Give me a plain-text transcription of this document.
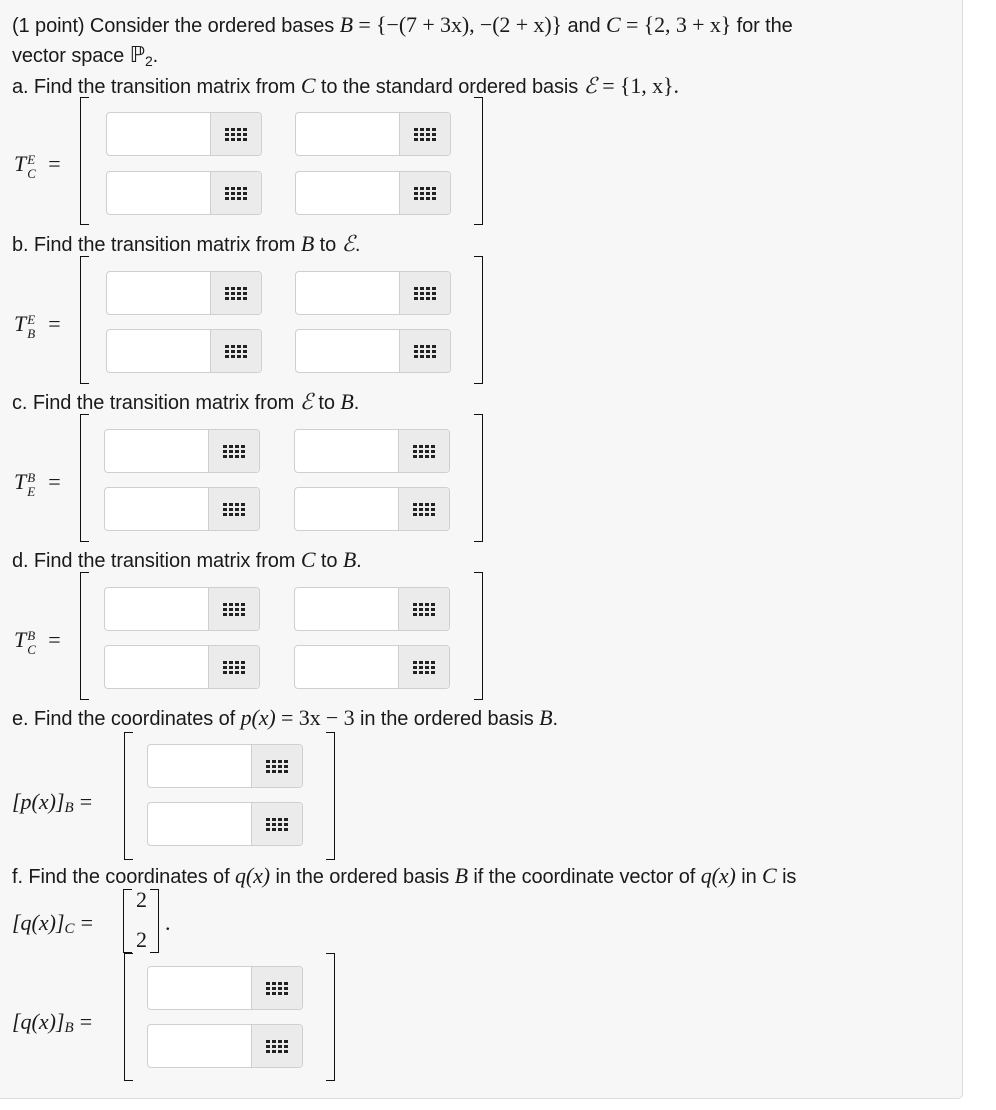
(1 point) Consider the ordered bases B = {−(7 + 3x), −(2 + x)} and C = {2, 3 + x} for the
vector space ℙ$_2$.
a. Find the transition matrix from C to the standard ordered basis ℰ = {1, x}.
T E
C =
b. Find the transition matrix from B to ℰ.
T E
B =
c. Find the transition matrix from ℰ to B.
T B
E =
d. Find the transition matrix from C to B.
T B
C =
e. Find the coordinates of p(x) = 3x − 3 in the ordered basis B.
[p(x)]B =
f. Find the coordinates of q(x) in the ordered basis B if the coordinate vector of q(x) in C is
[q(x)]C =
2
2
.
[q(x)]B =
